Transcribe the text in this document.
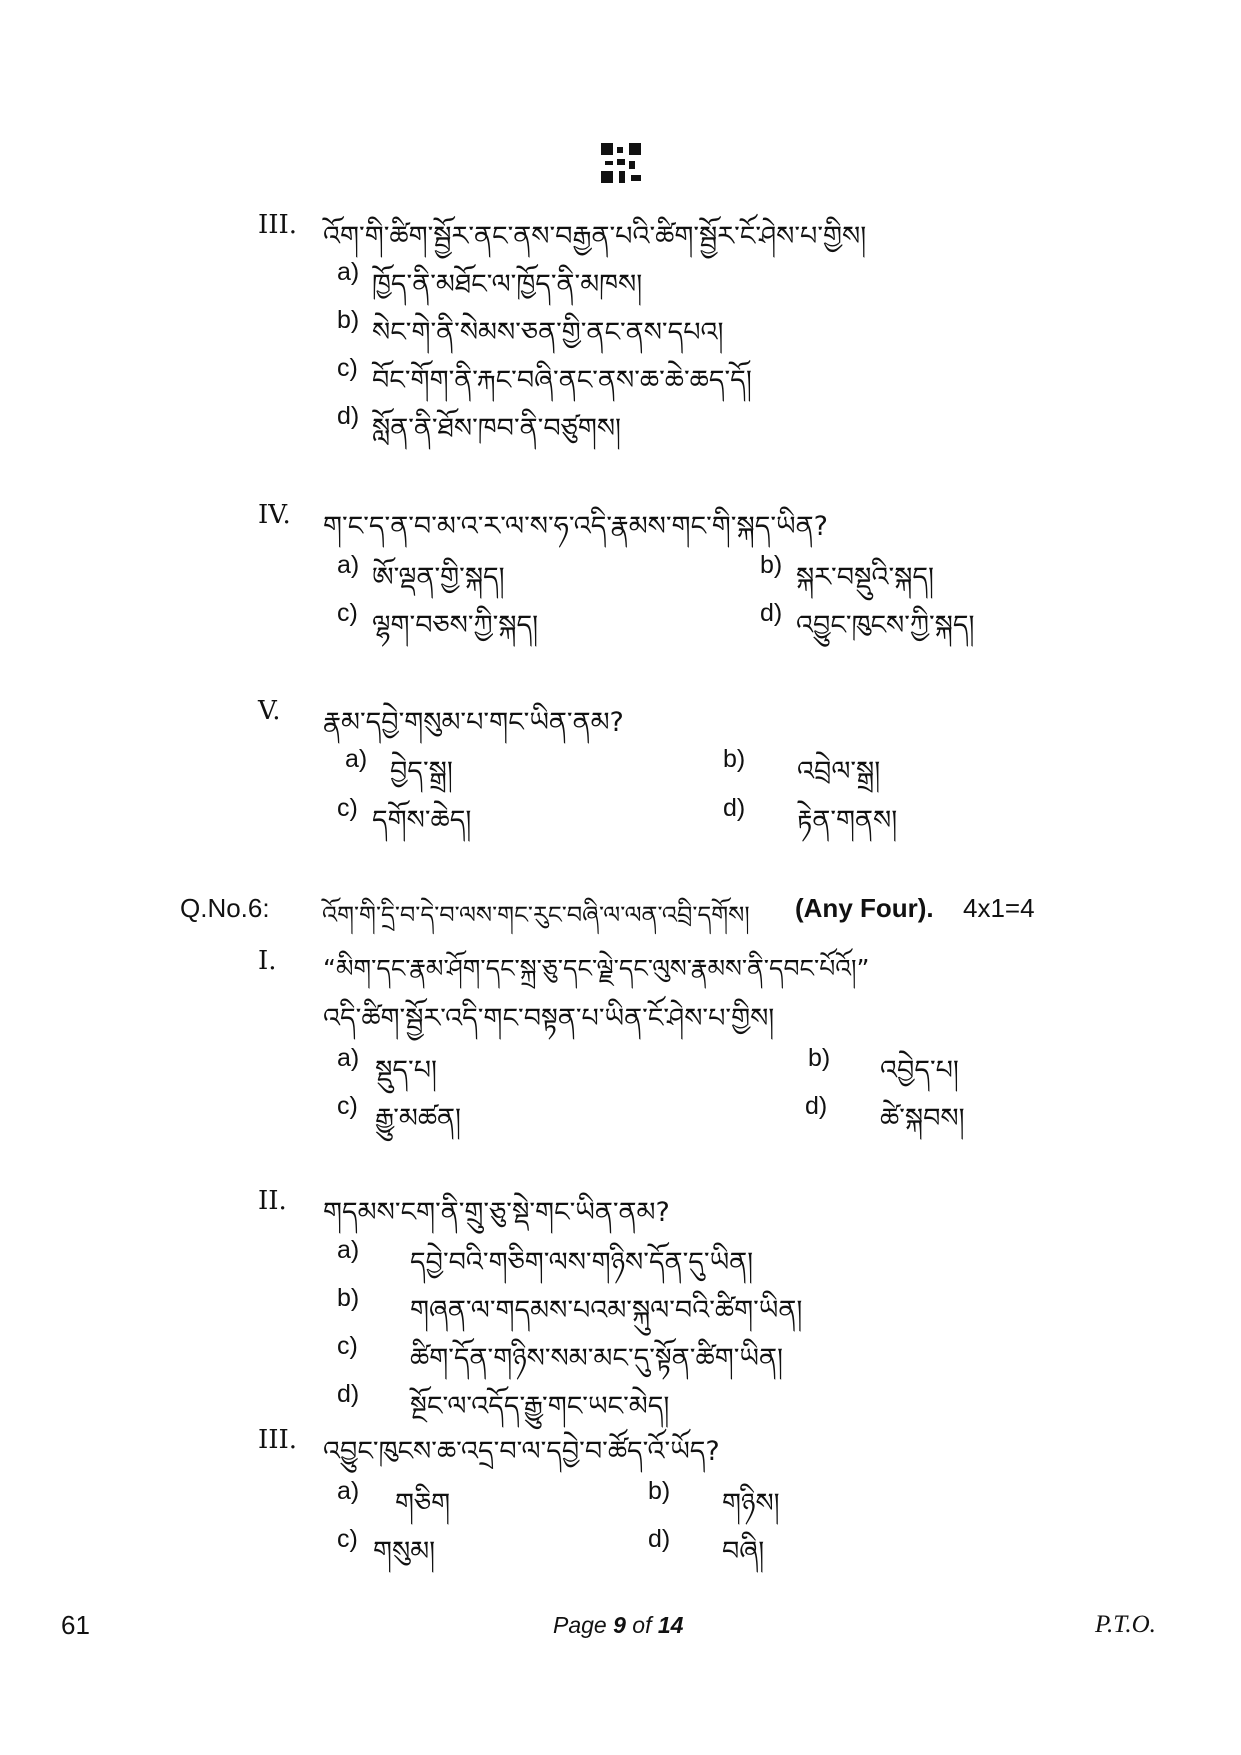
III. འོག་གི་ཚིག་སྦྱོར་ནང་ནས་བརྒྱན་པའི་ཚིག་སྦྱོར་ངོ་ཤེས་པ་གྱིས།
a) ཁྱོད་ནི་མཐོང་ལ་ཁྱོད་ནི་མཁས།
b) སེང་གེ་ནི་སེམས་ཅན་གྱི་ནང་ནས་དཔའ།
c) བོང་གོག་ནི་རྐང་བཞི་ནང་ནས་ཆ་ཆེ་ཆད་དོ།
d) སློན་ནི་ཐོས་ཁབ་ནི་བཙུགས།
IV. ག་ང་ད་ན་བ་མ་འ་ར་ལ་ས་ཧ་འདི་རྣམས་གང་གི་སྐད་ཡིན?
a) ཨོ་ལྡན་གྱི་སྐད།	b) སྐར་བསྡུའི་སྐད།
c) ལྷག་བཅས་ཀྱི་སྐད།	d) འབྱུང་ཁུངས་ཀྱི་སྐད།
V. རྣམ་དབྱེ་གསུམ་པ་གང་ཡིན་ནམ?
a) བྱེད་སྒྲ།	b) འབྲེལ་སྒྲ།
c) དགོས་ཆེད།	d) རྟེན་གནས།
Q.No.6: འོག་གི་དྲི་བ་དེ་བ་ལས་གང་རུང་བཞི་ལ་ལན་འབྲི་དགོས། (Any Four). 4x1=4
I. “མིག་དང་རྣམ་ཤོག་དང་སྐྲ་ཅུ་དང་ལྗེ་དང་ལུས་རྣམས་ནི་དབང་པོའོ།”
འདི་ཚིག་སྦྱོར་འདི་གང་བསྟན་པ་ཡིན་ངོ་ཤེས་པ་གྱིས།
a) སྡུད་པ།	b) འབྱེད་པ།
c) རྒྱུ་མཚན།	d) ཚེ་སྐབས།
II. གདམས་ངག་ནི་གྲུ་ཅུ་སྡེ་གང་ཡིན་ནམ?
a) དབྱེ་བའི་གཅིག་ལས་གཉིས་དོན་དུ་ཡིན།
b) གཞན་ལ་གདམས་པའམ་སྐུལ་བའི་ཚིག་ཡིན།
c) ཚིག་དོན་གཉིས་སམ་མང་དུ་སྟོན་ཚིག་ཡིན།
d) སྔོང་ལ་འདོད་རྒྱུ་གང་ཡང་མེད།
III. འབྱུང་ཁུངས་ཆ་འདྲ་བ་ལ་དབྱེ་བ་ཚོད་འོ་ཡོད?
a) གཅིག	b) གཉིས།
c) གསུམ།	d) བཞི།
61	Page 9 of 14	P.T.O.
